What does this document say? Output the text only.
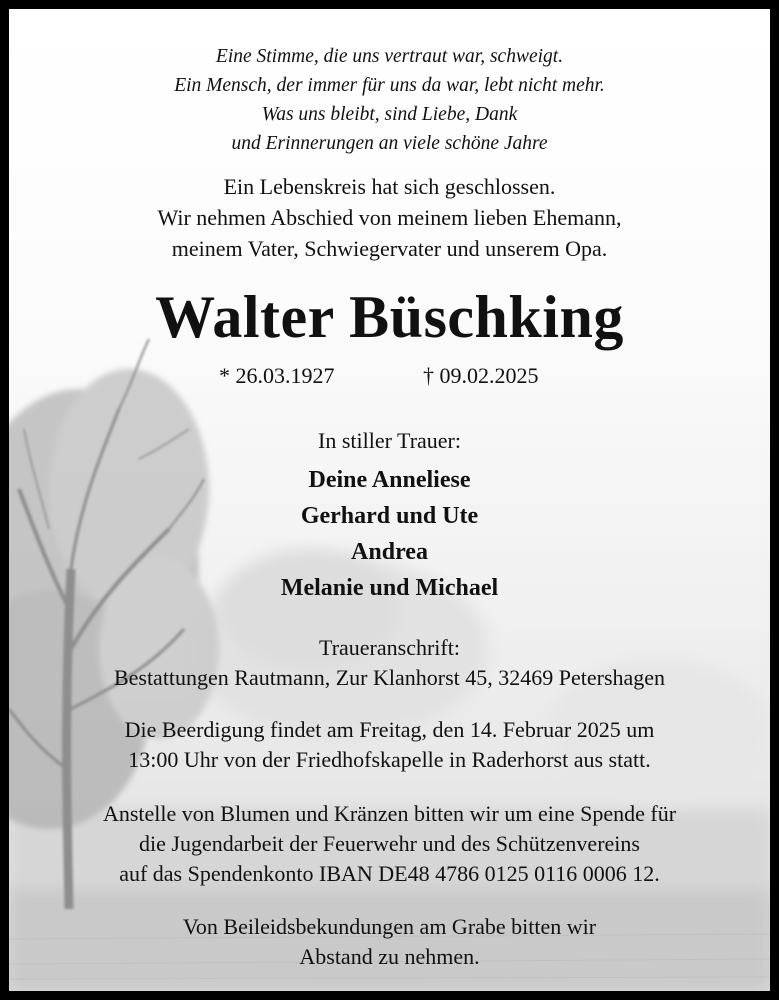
Eine Stimme, die uns vertraut war, schweigt.
Ein Mensch, der immer für uns da war, lebt nicht mehr.
Was uns bleibt, sind Liebe, Dank
und Erinnerungen an viele schöne Jahre
Ein Lebenskreis hat sich geschlossen.
Wir nehmen Abschied von meinem lieben Ehemann,
meinem Vater, Schwiegervater und unserem Opa.
Walter Büschking
* 26.03.1927	† 09.02.2025
In stiller Trauer:
Deine Anneliese
Gerhard und Ute
Andrea
Melanie und Michael
Traueranschrift:
Bestattungen Rautmann, Zur Klanhorst 45, 32469 Petershagen
Die Beerdigung findet am Freitag, den 14. Februar 2025 um
13:00 Uhr von der Friedhofskapelle in Raderhorst aus statt.
Anstelle von Blumen und Kränzen bitten wir um eine Spende für
die Jugendarbeit der Feuerwehr und des Schützenvereins
auf das Spendenkonto IBAN DE48 4786 0125 0116 0006 12.
Von Beileidsbekundungen am Grabe bitten wir
Abstand zu nehmen.
